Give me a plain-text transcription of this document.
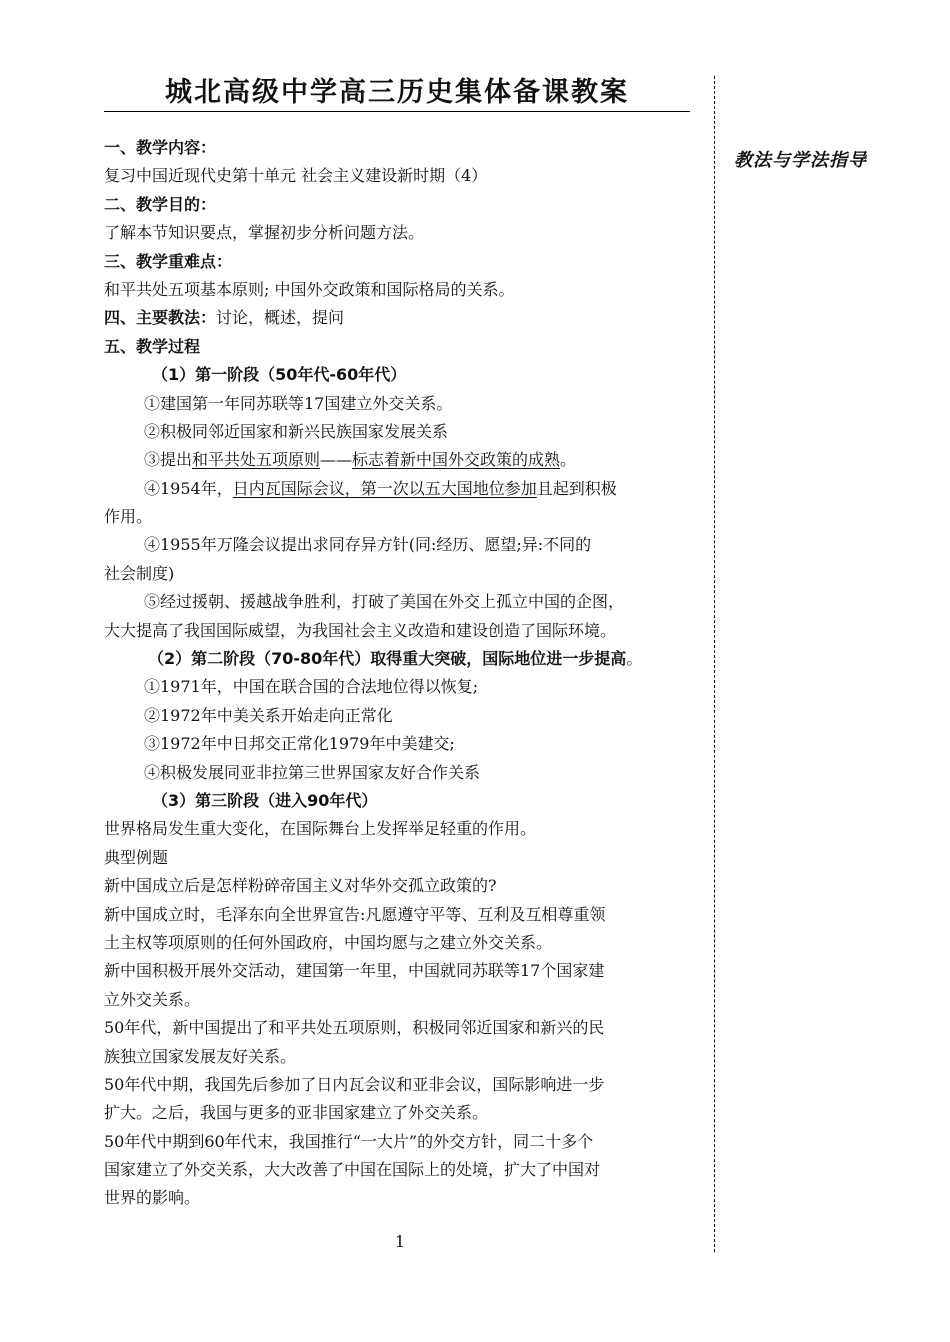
城北高级中学高三历史集体备课教案
教法与学法指导
一、教学内容：
复习中国近现代史第十单元 社会主义建设新时期（4）
二、教学目的：
了解本节知识要点，掌握初步分析问题方法。
三、教学重难点：
和平共处五项基本原则; 中国外交政策和国际格局的关系。
四、主要教法：讨论，概述，提问
五、教学过程
（1）第一阶段（50年代-60年代）
①建国第一年同苏联等17国建立外交关系。
②积极同邻近国家和新兴民族国家发展关系
③提出和平共处五项原则——标志着新中国外交政策的成熟。
④1954年，日内瓦国际会议，第一次以五大国地位参加且起到积极
作用。
④1955年万隆会议提出求同存异方针(同:经历、愿望;异:不同的
社会制度)
⑤经过援朝、援越战争胜利，打破了美国在外交上孤立中国的企图，
大大提高了我国国际威望，为我国社会主义改造和建设创造了国际环境。
（2）第二阶段（70-80年代）取得重大突破，国际地位进一步提高。
①1971年，中国在联合国的合法地位得以恢复;
②1972年中美关系开始走向正常化
③1972年中日邦交正常化1979年中美建交;
④积极发展同亚非拉第三世界国家友好合作关系
（3）第三阶段（进入90年代）
世界格局发生重大变化，在国际舞台上发挥举足轻重的作用。
典型例题
新中国成立后是怎样粉碎帝国主义对华外交孤立政策的?
新中国成立时，毛泽东向全世界宣告:凡愿遵守平等、互利及互相尊重领
土主权等项原则的任何外国政府，中国均愿与之建立外交关系。
新中国积极开展外交活动，建国第一年里，中国就同苏联等17个国家建
立外交关系。
50年代，新中国提出了和平共处五项原则，积极同邻近国家和新兴的民
族独立国家发展友好关系。
50年代中期，我国先后参加了日内瓦会议和亚非会议，国际影响进一步
扩大。之后，我国与更多的亚非国家建立了外交关系。
50年代中期到60年代末，我国推行“一大片”的外交方针，同二十多个
国家建立了外交关系，大大改善了中国在国际上的处境，扩大了中国对
世界的影响。
1
